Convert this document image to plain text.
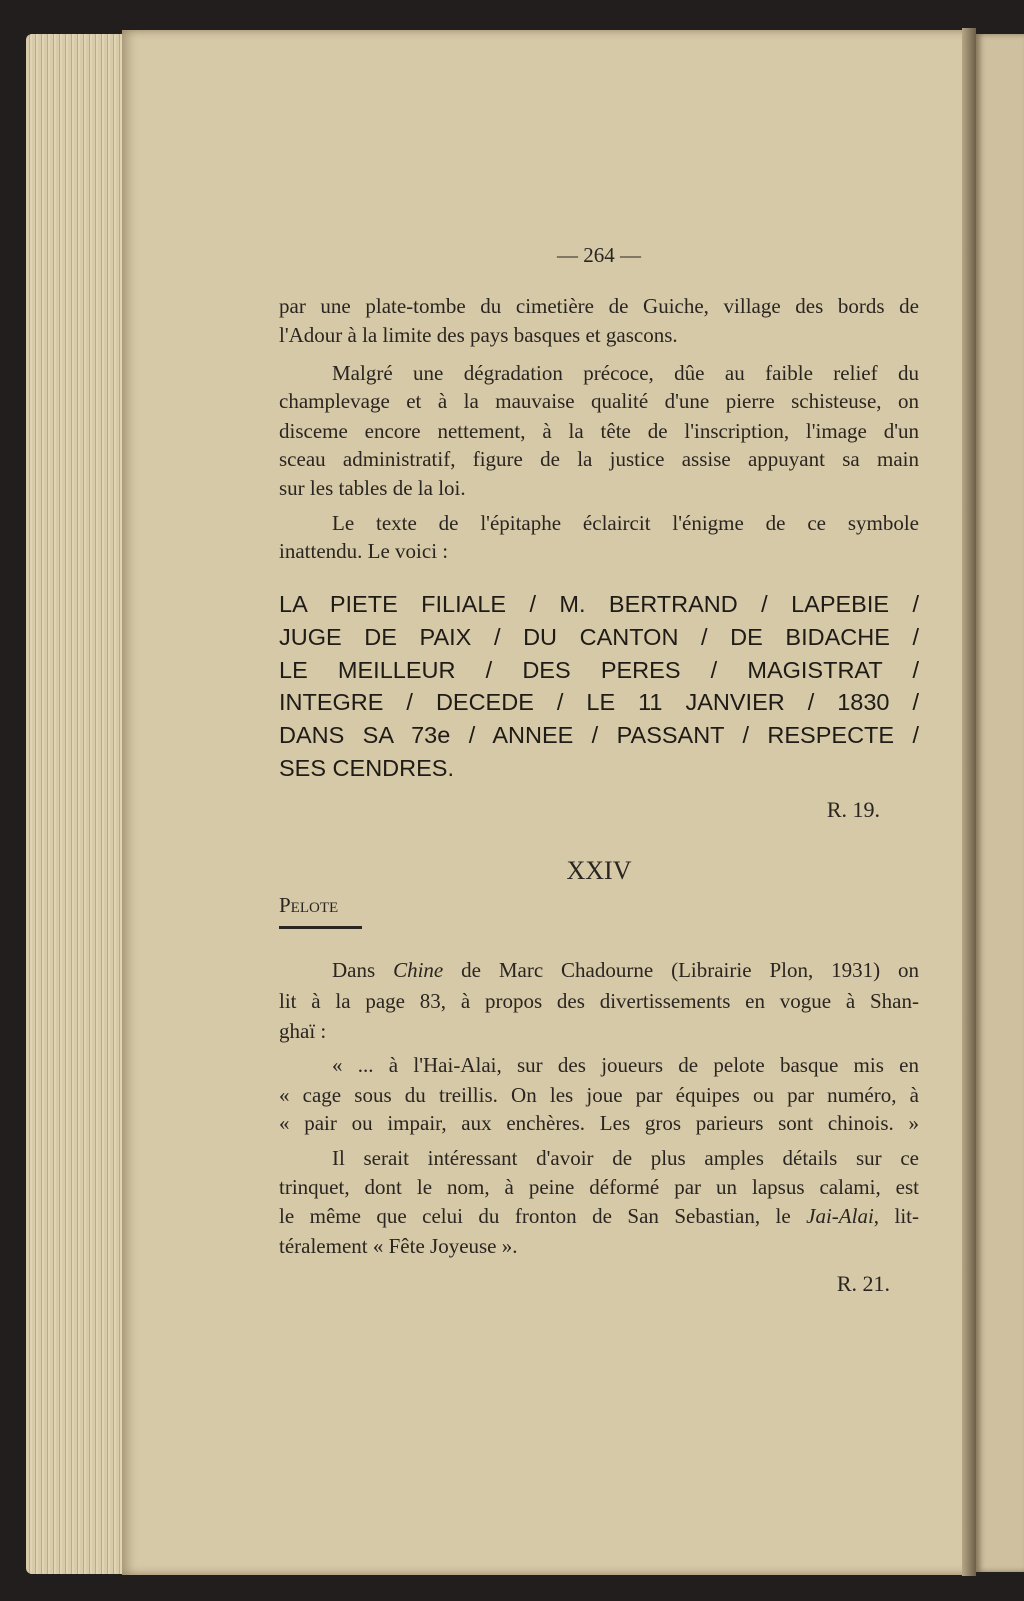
— 264 —
par une plate-tombe du cimetière de Guiche, village des bords de
l'Adour à la limite des pays basques et gascons.
Malgré une dégradation précoce, dûe au faible relief du
champlevage et à la mauvaise qualité d'une pierre schisteuse, on
disceme encore nettement, à la tête de l'inscription, l'image d'un
sceau administratif, figure de la justice assise appuyant sa main
sur les tables de la loi.
Le texte de l'épitaphe éclaircit l'énigme de ce symbole
inattendu. Le voici :
LA PIETE FILIALE / M. BERTRAND / LAPEBIE /
JUGE DE PAIX / DU CANTON / DE BIDACHE /
LE MEILLEUR / DES PERES / MAGISTRAT /
INTEGRE / DECEDE / LE 11 JANVIER / 1830 /
DANS SA 73e / ANNEE / PASSANT / RESPECTE /
SES CENDRES.
R. 19.
XXIV
Pelote
Dans Chine de Marc Chadourne (Librairie Plon, 1931) on
lit à la page 83, à propos des divertissements en vogue à Shan-
ghaï :
« ... à l'Hai-Alai, sur des joueurs de pelote basque mis en
« cage sous du treillis. On les joue par équipes ou par numéro, à
« pair ou impair, aux enchères. Les gros parieurs sont chinois. »
Il serait intéressant d'avoir de plus amples détails sur ce
trinquet, dont le nom, à peine déformé par un lapsus calami, est
le même que celui du fronton de San Sebastian, le Jai-Alai, lit-
téralement « Fête Joyeuse ».
R. 21.
